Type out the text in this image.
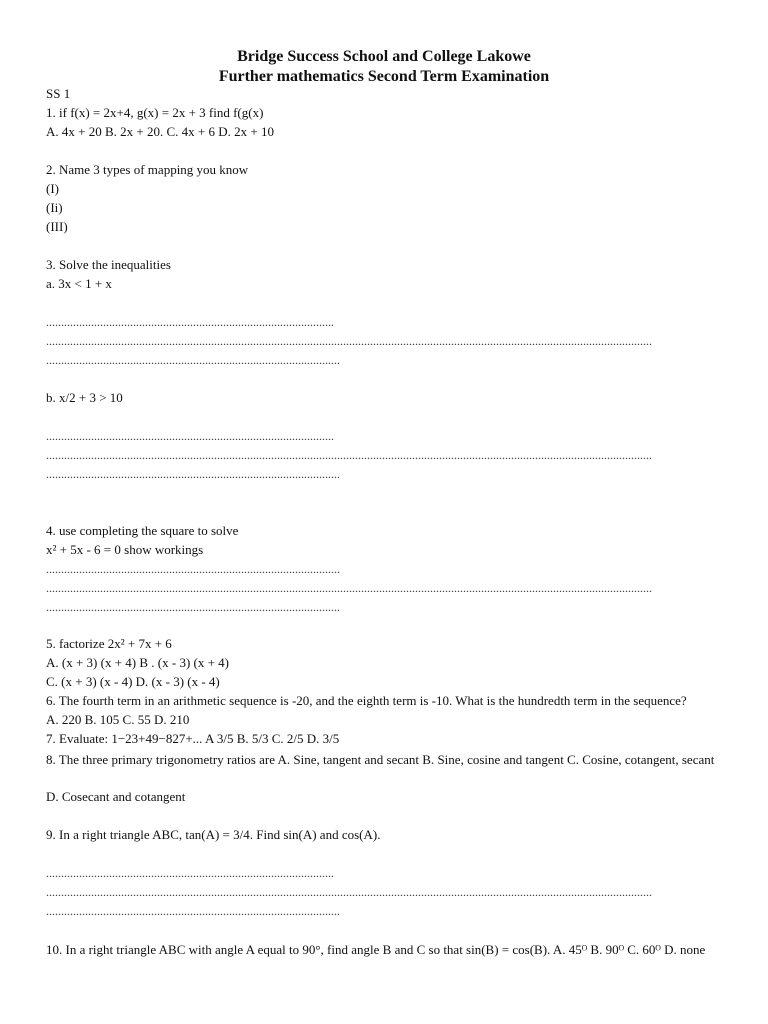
Bridge Success School and College Lakowe
Further mathematics Second Term Examination
SS 1
1. if f(x) = 2x+4, g(x) = 2x + 3 find f(g(x)
A. 4x + 20 B. 2x + 20. C. 4x + 6 D. 2x + 10
2. Name 3 types of mapping you know
(I)
(Ii)
(III)
3. Solve the inequalities
a. 3x < 1 + x
................................................................................................
..........................................................................................................................................................................................................
..................................................................................................
b. x/2 + 3 > 10
................................................................................................
..........................................................................................................................................................................................................
..................................................................................................
4. use completing the square to solve
x² + 5x - 6 = 0 show workings
..................................................................................................
..........................................................................................................................................................................................................
..................................................................................................
5. factorize 2x² + 7x + 6
A. (x + 3) (x + 4) B . (x - 3) (x + 4)
C. (x + 3) (x - 4) D. (x - 3) (x - 4)
6. The fourth term in an arithmetic sequence is -20, and the eighth term is -10. What is the hundredth term in the sequence?
A. 220 B. 105 C. 55 D. 210
7. Evaluate: 1−23+49−827+... A 3/5 B. 5/3 C. 2/5 D. 3/5
8. The three primary trigonometry ratios are A. Sine, tangent and secant B. Sine, cosine and tangent C. Cosine, cotangent, secant
D. Cosecant and cotangent
9. In a right triangle ABC, tan(A) = 3/4. Find sin(A) and cos(A).
................................................................................................
..........................................................................................................................................................................................................
..................................................................................................
10. In a right triangle ABC with angle A equal to 90°, find angle B and C so that sin(B) = cos(B). A. 45ᴼ B. 90ᴼ C. 60ᴼ D. none
